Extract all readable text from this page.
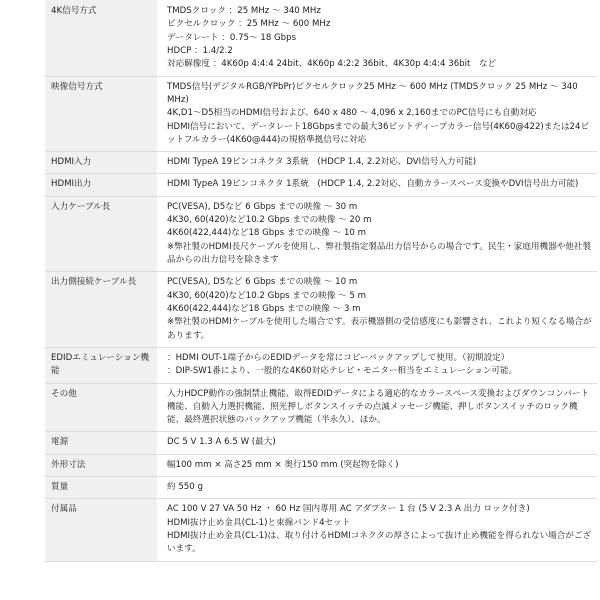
4K信号方式	TMDSクロック ：25 MHz ～ 340 MHz
ピクセルクロック ：25 MHz ～ 600 MHz
データレート ：0.75～ 18 Gbps
HDCP ：1.4/2.2
対応解像度 ：4K60p 4:4:4 24bit、4K60p 4:2:2 36bit、4K30p 4:4:4 36bit　など

映像信号方式	TMDS信号(デジタルRGB/YPbPr)ピクセルクロック25 MHz ～ 600 MHz (TMDSクロック 25 MHz ～ 340 MHz)
4K,D1～D5相当のHDMI信号および、640 x 480 ～ 4,096 x 2,160までのPC信号にも自動対応
HDMI信号において、データレート18Gbpsまでの最大36ビットディープカラー信号(4K60@422)または24ビットフルカラー(4K60@444)の規格準拠信号に対応

HDMI入力	HDMI TypeA 19ピンコネクタ 3系統　(HDCP 1.4, 2.2対応、DVI信号入力可能)

HDMI出力	HDMI TypeA 19ピンコネクタ 1系統　(HDCP 1.4, 2.2対応、自動カラースペース変換やDVI信号出力可能)

入力ケーブル長	PC(VESA), D5など 6 Gbps までの映像 ～ 30 m
4K30, 60(420)など10.2 Gbps までの映像 ～ 20 m
4K60(422,444)など18 Gbps までの映像 ～ 10 m
※弊社製のHDMI長尺ケーブルを使用し、弊社製指定製品出力信号からの場合です。民生・家庭用機器や他社製品からの出力信号を除きます

出力側接続ケーブル長	PC(VESA), D5など 6 Gbps までの映像 ～ 10 m
4K30, 60(420)など10.2 Gbps までの映像 ～ 5 m
4K60(422,444)など18 Gbps までの映像 ～ 3 m
※弊社製のHDMIケーブルを使用した場合です。表示機器側の受信感度にも影響され、これより短くなる場合があります。

EDIDエミュレーション機能	：HDMI OUT-1端子からのEDIDデータを常にコピーバックアップして使用。（初期設定）
：DIP-SW1番により、一般的な4K60対応テレビ・モニター相当をエミュレーション可能。

その他	入力HDCP動作の強制禁止機能、取得EDIDデータによる適応的なカラースペース変換およびダウンコンバート機能、自動入力選択機能、照光押しボタンスイッチの点滅メッセージ機能、押しボタンスイッチのロック機能、最終選択状態のバックアップ機能（半永久）、ほか。

電源	DC 5 V 1.3 A 6.5 W (最大)

外形寸法	幅100 mm × 高さ25 mm × 奥行150 mm (突起物を除く)

質量	約 550 g

付属品	AC 100 V 27 VA 50 Hz ・ 60 Hz 国内専用 AC アダプター 1 台 (5 V 2.3 A 出力 ロック付き)
HDMI抜け止め金具(CL-1)と束線バンド4セット
HDMI抜け止め金具(CL-1)は、取り付けるHDMIコネクタの厚さによって抜け止め機能を得られない場合がございます。
